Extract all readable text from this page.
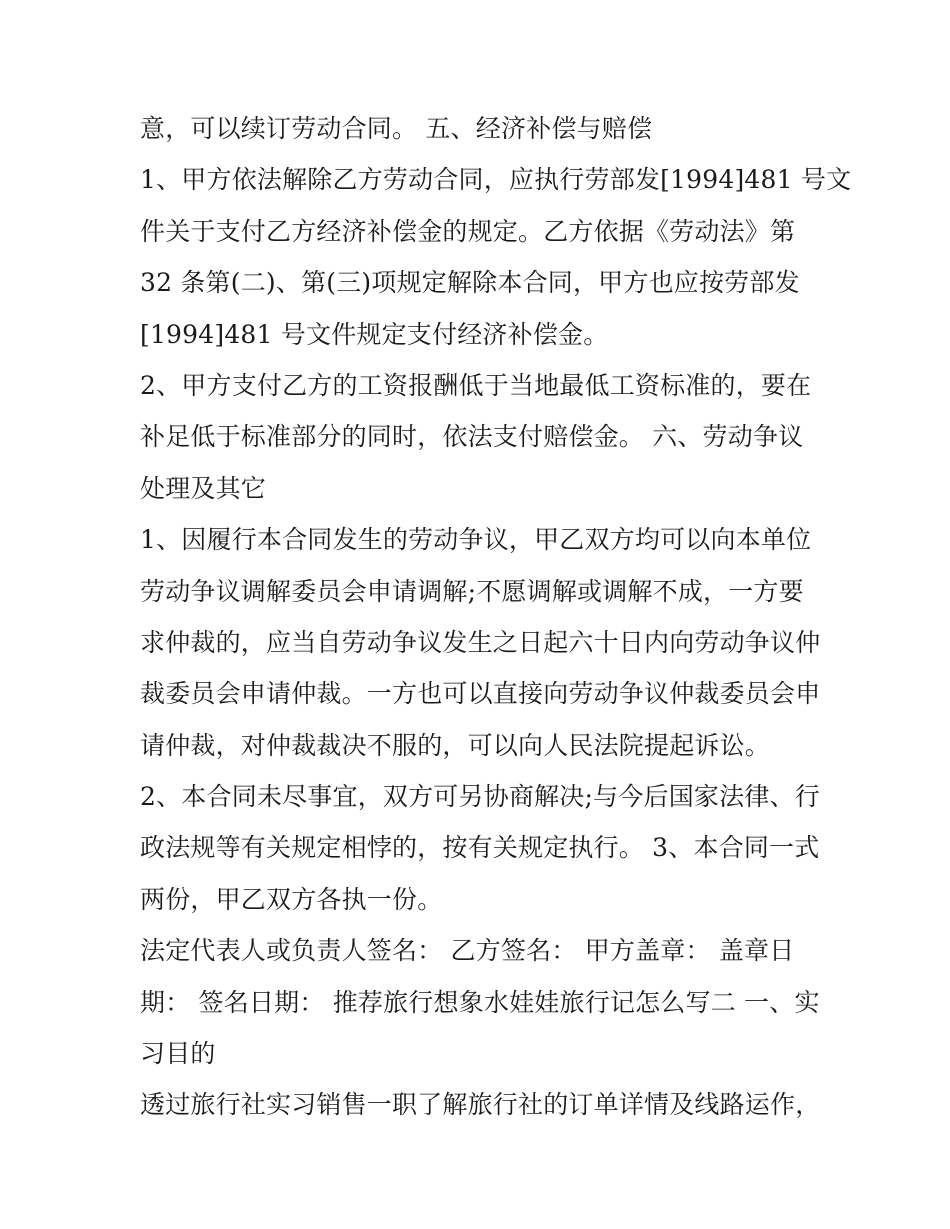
意，可以续订劳动合同。 五、经济补偿与赔偿
1、甲方依法解除乙方劳动合同，应执行劳部发[1994]481 号文
件关于支付乙方经济补偿金的规定。乙方依据《劳动法》第
32 条第(二)、第(三)项规定解除本合同，甲方也应按劳部发
[1994]481 号文件规定支付经济补偿金。
2、甲方支付乙方的工资报酬低于当地最低工资标准的，要在
补足低于标准部分的同时，依法支付赔偿金。 六、劳动争议
处理及其它
1、因履行本合同发生的劳动争议，甲乙双方均可以向本单位
劳动争议调解委员会申请调解;不愿调解或调解不成，一方要
求仲裁的，应当自劳动争议发生之日起六十日内向劳动争议仲
裁委员会申请仲裁。一方也可以直接向劳动争议仲裁委员会申
请仲裁，对仲裁裁决不服的，可以向人民法院提起诉讼。
2、本合同未尽事宜，双方可另协商解决;与今后国家法律、行
政法规等有关规定相悖的，按有关规定执行。 3、本合同一式
两份，甲乙双方各执一份。
法定代表人或负责人签名： 乙方签名： 甲方盖章： 盖章日
期： 签名日期： 推荐旅行想象水娃娃旅行记怎么写二 一、实
习目的
透过旅行社实习销售一职了解旅行社的订单详情及线路运作，
